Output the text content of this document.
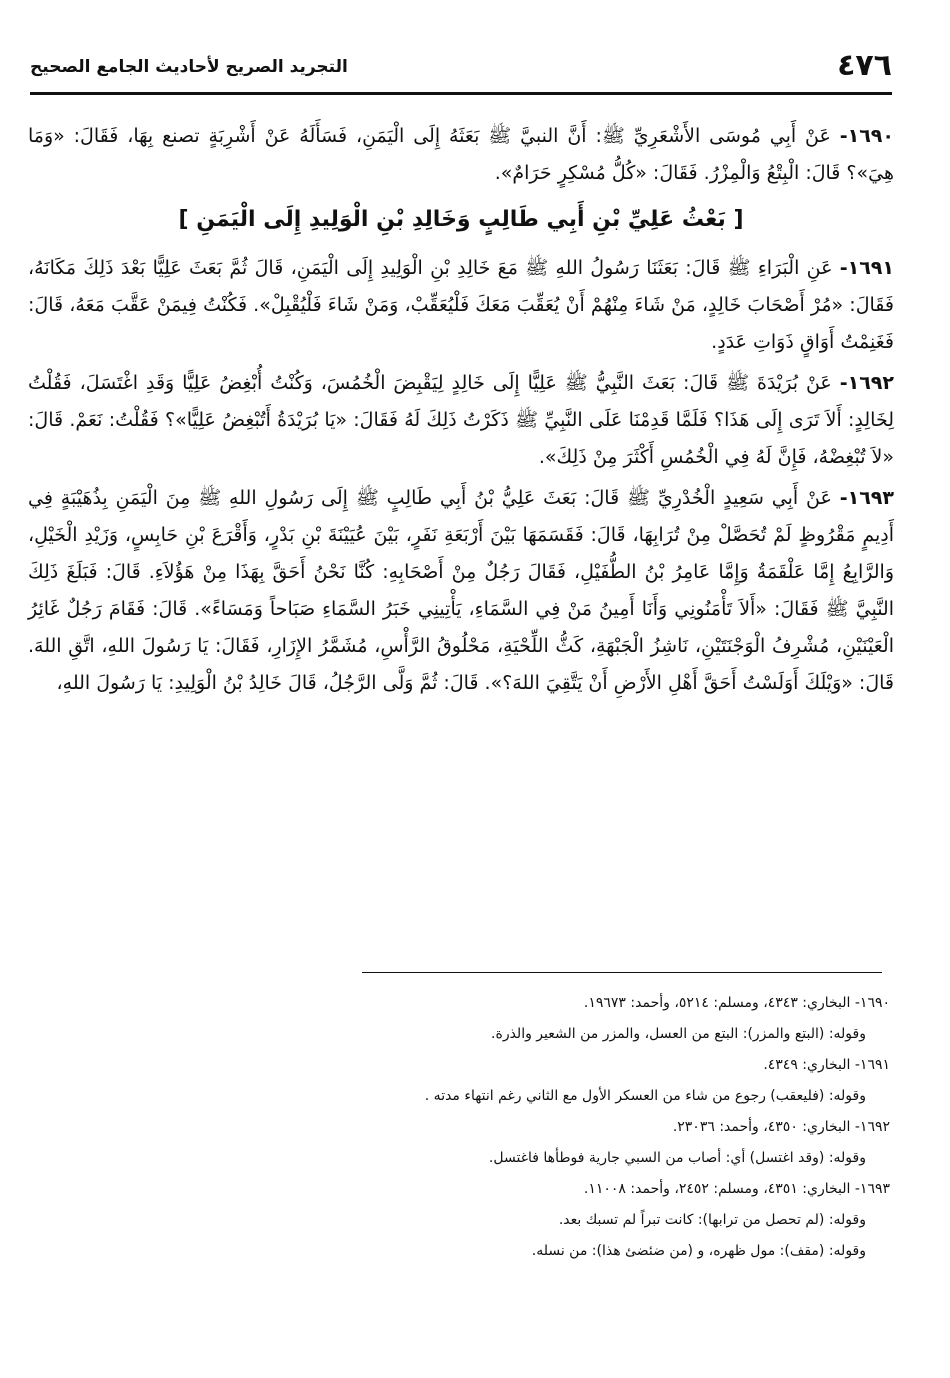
٤٧٦
التجريد الصريح لأحاديث الجامع الصحيح

١٦٩٠- عَنْ أَبِي مُوسَى الأَشْعَرِيِّ ﷺ: أَنَّ النبيَّ ﷺ بَعَثَهُ إِلَى الْيَمَنِ، فَسَأَلَهُ عَنْ أَشْرِبَةٍ تصنع بِهَا، فَقَالَ: «وَمَا هِيَ»؟ قَالَ: الْبِتْعُ وَالْمِزْرُ. فَقَالَ: «كُلُّ مُسْكِرٍ حَرَامٌ».

[ بَعْثُ عَلِيِّ بْنِ أَبِي طَالِبٍ وَخَالِدِ بْنِ الْوَلِيدِ إِلَى الْيَمَنِ ]

١٦٩١- عَنِ الْبَرَاءِ ﷺ قَالَ: بَعَثَنَا رَسُولُ اللهِ ﷺ مَعَ خَالِدِ بْنِ الْوَلِيدِ إِلَى الْيَمَنِ، قَالَ ثُمَّ بَعَثَ عَلِيًّا بَعْدَ ذَلِكَ مَكَانَهُ، فَقَالَ: «مُرْ أَصْحَابَ خَالِدٍ، مَنْ شَاءَ مِنْهُمْ أَنْ يُعَقِّبَ مَعَكَ فَلْيُعَقِّبْ، وَمَنْ شَاءَ فَلْيُقْبِلْ». فَكُنْتُ فِيمَنْ عَقَّبَ مَعَهُ، قَالَ: فَغَنِمْتُ أَوَاقٍ ذَوَاتِ عَدَدٍ.

١٦٩٢- عَنْ بُرَيْدَةَ ﷺ قَالَ: بَعَثَ النَّبِيُّ ﷺ عَلِيًّا إِلَى خَالِدٍ لِيَقْبِضَ الْخُمُسَ، وَكُنْتُ أُبْغِضُ عَلِيًّا وَقَدِ اغْتَسَلَ، فَقُلْتُ لِخَالِدٍ: أَلاَ تَرَى إِلَى هَذَا؟ فَلَمَّا قَدِمْنَا عَلَى النَّبِيِّ ﷺ ذَكَرْتُ ذَلِكَ لَهُ فَقَالَ: «يَا بُرَيْدَةُ أَتُبْغِضُ عَلِيًّا»؟ فَقُلْتُ: نَعَمْ. قَالَ: «لاَ تُبْغِضْهُ، فَإِنَّ لَهُ فِي الْخُمُسِ أَكْثَرَ مِنْ ذَلِكَ».

١٦٩٣- عَنْ أَبِي سَعِيدٍ الْخُدْرِيِّ ﷺ قَالَ: بَعَثَ عَلِيُّ بْنُ أَبِي طَالِبٍ ﷺ إِلَى رَسُولِ اللهِ ﷺ مِنَ الْيَمَنِ بِذُهَيْبَةٍ فِي أَدِيمٍ مَقْرُوظٍ لَمْ تُحَصَّلْ مِنْ تُرَابِهَا، قَالَ: فَقَسَمَهَا بَيْنَ أَرْبَعَةِ نَفَرٍ، بَيْنَ عُيَيْنَةَ بْنِ بَدْرٍ، وَأَقْرَعَ بْنِ حَابِسٍ، وَزَيْدِ الْخَيْلِ، وَالرَّابِعُ إِمَّا عَلْقَمَةُ وَإِمَّا عَامِرُ بْنُ الطُّفَيْلِ، فَقَالَ رَجُلٌ مِنْ أَصْحَابِهِ: كُنَّا نَحْنُ أَحَقَّ بِهَذَا مِنْ هَؤُلاَءِ. قَالَ: فَبَلَغَ ذَلِكَ النَّبِيَّ ﷺ فَقَالَ: «أَلاَ تَأْمَنُونِي وَأَنَا أَمِينُ مَنْ فِي السَّمَاءِ، يَأْتِينِي خَبَرُ السَّمَاءِ صَبَاحاً وَمَسَاءً». قَالَ: فَقَامَ رَجُلٌ غَائِرُ الْعَيْنَيْنِ، مُشْرِفُ الْوَجْنَتَيْنِ، نَاشِزُ الْجَبْهَةِ، كَثُّ اللِّحْيَةِ، مَحْلُوقُ الرَّأْسِ، مُشَمَّرُ الإِزَارِ، فَقَالَ: يَا رَسُولَ اللهِ، اتَّقِ اللهَ. قَالَ: «وَيْلَكَ أَوَلَسْتُ أَحَقَّ أَهْلِ الأَرْضِ أَنْ يَتَّقِيَ اللهَ؟». قَالَ: ثُمَّ وَلَّى الرَّجُلُ، قَالَ خَالِدُ بْنُ الْوَلِيدِ: يَا رَسُولَ اللهِ،

١٦٩٠- البخاري: ٤٣٤٣، ومسلم: ٥٢١٤، وأحمد: ١٩٦٧٣.

وقوله: (البتع والمزر): البتع من العسل، والمزر من الشعير والذرة.

١٦٩١- البخاري: ٤٣٤٩.

وقوله: (فليعقب) رجوع من شاء من العسكر الأول مع الثاني رغم انتهاء مدته .

١٦٩٢- البخاري: ٤٣٥٠، وأحمد: ٢٣٠٣٦.

وقوله: (وقد اغتسل) أي: أصاب من السبي جارية فوطأها فاغتسل.

١٦٩٣- البخاري: ٤٣٥١، ومسلم: ٢٤٥٢، وأحمد: ١١٠٠٨.

وقوله: (لم تحصل من ترابها): كانت تبراً لم تسبك بعد.

وقوله: (مقف): مول ظهره، و (من ضئضئ هذا): من نسله.
